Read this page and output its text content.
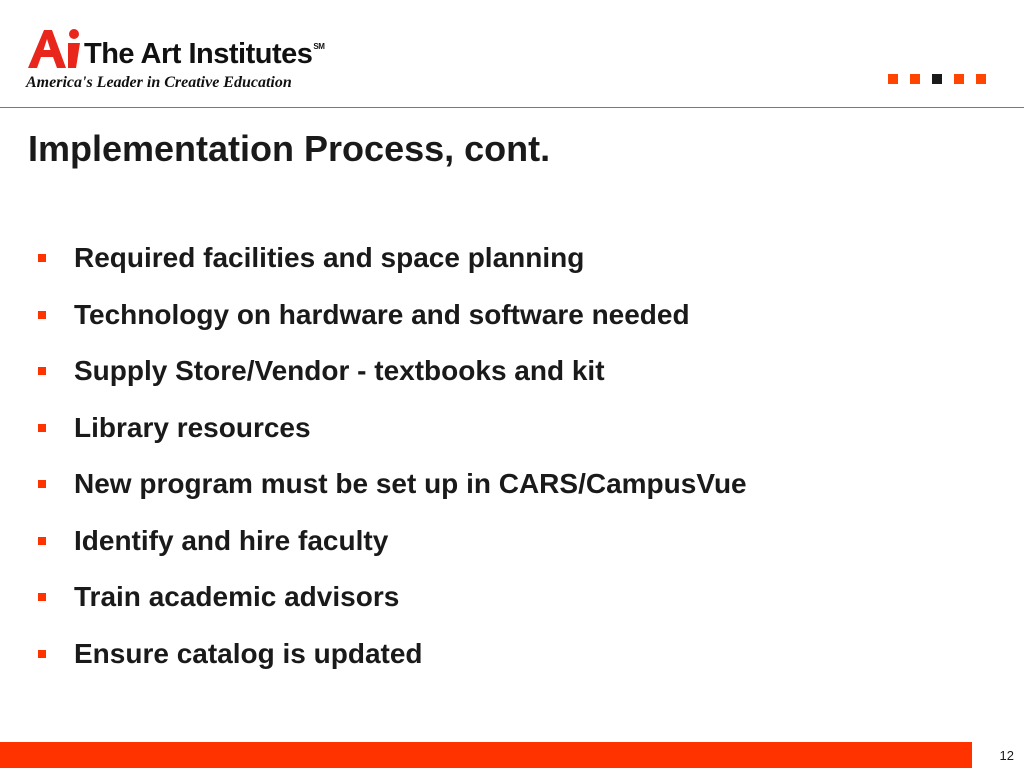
The Art Institutes℠
America's Leader in Creative Education
Implementation Process, cont.
Required facilities and space planning
Technology on hardware and software needed
Supply Store/Vendor - textbooks and kit
Library resources
New program must be set up in CARS/CampusVue
Identify and hire faculty
Train academic advisors
Ensure catalog is updated
12
